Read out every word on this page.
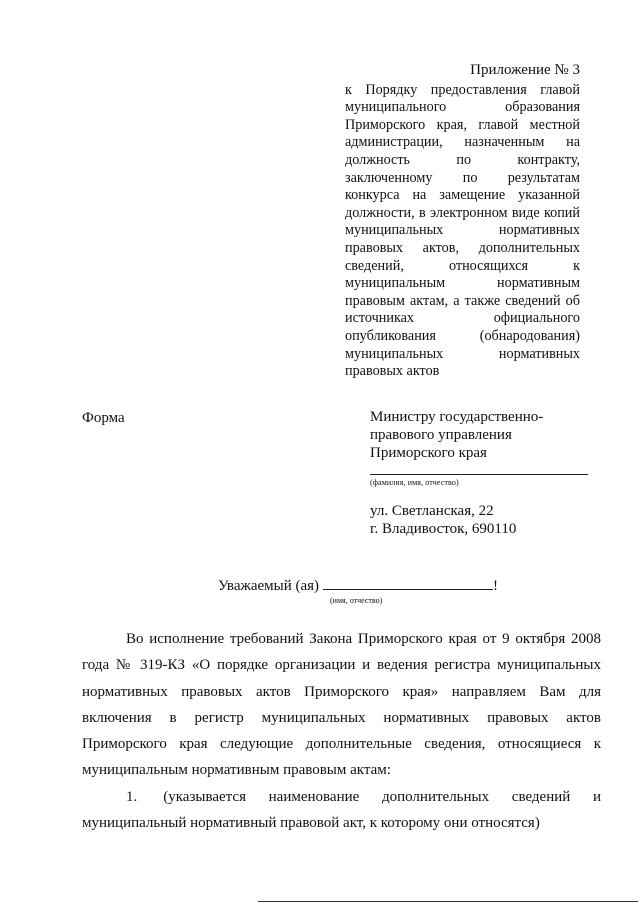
Приложение № 3
к Порядку предоставления главой муниципального образования Приморского края, главой местной администрации, назначенным на должность по контракту, заключенному по результатам конкурса на замещение указанной должности, в электронном виде копий муниципальных нормативных правовых актов, дополнительных сведений, относящихся к муниципальным нормативным правовым актам, а также сведений об источниках официального опубликования (обнародования) муниципальных нормативных правовых актов
Форма	Министру государственно-
правового управления
Приморского края
(фамилия, имя, отчество)
ул. Светланская, 22
г. Владивосток, 690110
Уважаемый (ая)	!
(имя, отчество)

Во исполнение требований Закона Приморского края от 9 октября 2008 года № 319-КЗ «О порядке организации и ведения регистра муниципальных нормативных правовых актов Приморского края» направляем Вам для включения в регистр муниципальных нормативных правовых актов Приморского края следующие дополнительные сведения, относящиеся к муниципальным нормативным правовым актам:

1. (указывается наименование дополнительных сведений и

муниципальный нормативный правовой акт, к которому они относятся)
